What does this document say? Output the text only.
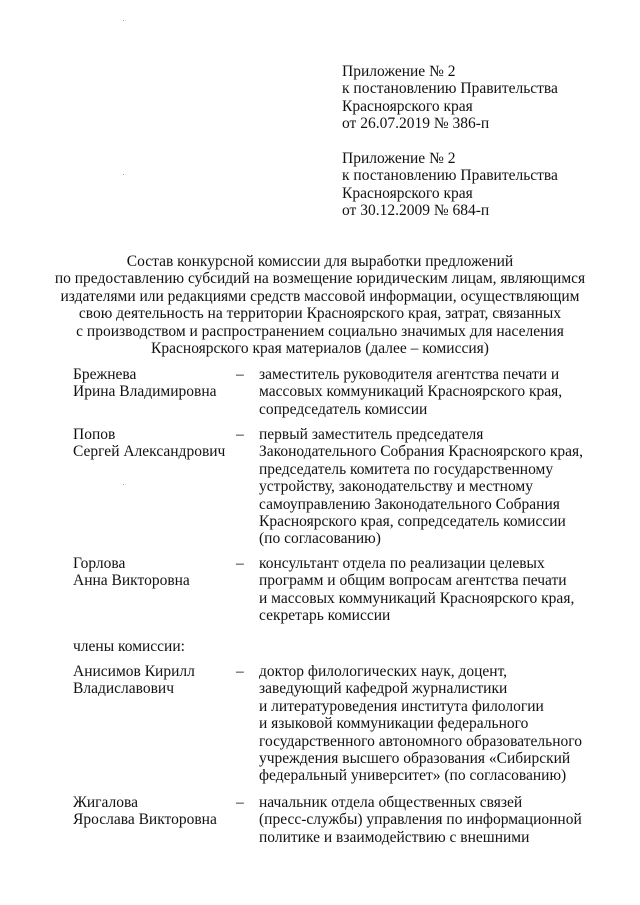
Приложение № 2
к постановлению Правительства
Красноярского края
от 26.07.2019 № 386-п
Приложение № 2
к постановлению Правительства
Красноярского края
от 30.12.2009 № 684-п
Состав конкурсной комиссии для выработки предложений
по предоставлению субсидий на возмещение юридическим лицам, являющимся
издателями или редакциями средств массовой информации, осуществляющим
свою деятельность на территории Красноярского края, затрат, связанных
с производством и распространением социально значимых для населения
Красноярского края материалов (далее – комиссия)
Брежнева
Ирина Владимировна
– заместитель руководителя агентства печати и
массовых коммуникаций Красноярского края,
сопредседатель комиссии
Попов
Сергей Александрович
– первый заместитель председателя
Законодательного Собрания Красноярского края,
председатель комитета по государственному
устройству, законодательству и местному
самоуправлению Законодательного Собрания
Красноярского края, сопредседатель комиссии
(по согласованию)
Горлова
Анна Викторовна
– консультант отдела по реализации целевых
программ и общим вопросам агентства печати
и массовых коммуникаций Красноярского края,
секретарь комиссии
члены комиссии:
Анисимов Кирилл
Владиславович
– доктор филологических наук, доцент,
заведующий кафедрой журналистики
и литературоведения института филологии
и языковой коммуникации федерального
государственного автономного образовательного
учреждения высшего образования «Сибирский
федеральный университет» (по согласованию)
Жигалова
Ярослава Викторовна
– начальник отдела общественных связей
(пресс-службы) управления по информационной
политике и взаимодействию с внешними
